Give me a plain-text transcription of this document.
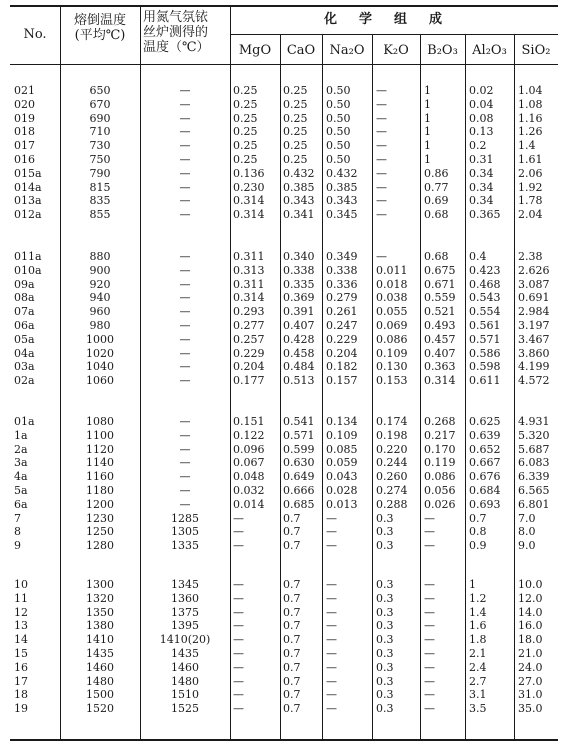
No.
熔倒温度
(平均℃)
用氮气氛铱
丝炉测得的
温度（℃）
化学组成
MgO	CaO	Na₂O	K₂O	B₂O₃	Al₂O₃	SiO₂
021	650	—	0.25	0.25	0.50	—	1	0.02	1.04
020	670	—	0.25	0.25	0.50	—	1	0.04	1.08
019	690	—	0.25	0.25	0.50	—	1	0.08	1.16
018	710	—	0.25	0.25	0.50	—	1	0.13	1.26
017	730	—	0.25	0.25	0.50	—	1	0.2	1.4
016	750	—	0.25	0.25	0.50	—	1	0.31	1.61
015a	790	—	0.136	0.432	0.432	—	0.86	0.34	2.06
014a	815	—	0.230	0.385	0.385	—	0.77	0.34	1.92
013a	835	—	0.314	0.343	0.343	—	0.69	0.34	1.78
012a	855	—	0.314	0.341	0.345	—	0.68	0.365	2.04
011a	880	—	0.311	0.340	0.349	—	0.68	0.4	2.38
010a	900	—	0.313	0.338	0.338	0.011	0.675	0.423	2.626
09a	920	—	0.311	0.335	0.336	0.018	0.671	0.468	3.087
08a	940	—	0.314	0.369	0.279	0.038	0.559	0.543	0.691
07a	960	—	0.293	0.391	0.261	0.055	0.521	0.554	2.984
06a	980	—	0.277	0.407	0.247	0.069	0.493	0.561	3.197
05a	1000	—	0.257	0.428	0.229	0.086	0.457	0.571	3.467
04a	1020	—	0.229	0.458	0.204	0.109	0.407	0.586	3.860
03a	1040	—	0.204	0.484	0.182	0.130	0.363	0.598	4.199
02a	1060	—	0.177	0.513	0.157	0.153	0.314	0.611	4.572
01a	1080	—	0.151	0.541	0.134	0.174	0.268	0.625	4.931
1a	1100	—	0.122	0.571	0.109	0.198	0.217	0.639	5.320
2a	1120	—	0.096	0.599	0.085	0.220	0.170	0.652	5.687
3a	1140	—	0.067	0.630	0.059	0.244	0.119	0.667	6.083
4a	1160	—	0.048	0.649	0.043	0.260	0.086	0.676	6.339
5a	1180	—	0.032	0.666	0.028	0.274	0.056	0.684	6.565
6a	1200	—	0.014	0.685	0.013	0.288	0.026	0.693	6.801
7	1230	1285	—	0.7	—	0.3	—	0.7	7.0
8	1250	1305	—	0.7	—	0.3	—	0.8	8.0
9	1280	1335	—	0.7	—	0.3	—	0.9	9.0
10	1300	1345	—	0.7	—	0.3	—	1	10.0
11	1320	1360	—	0.7	—	0.3	—	1.2	12.0
12	1350	1375	—	0.7	—	0.3	—	1.4	14.0
13	1380	1395	—	0.7	—	0.3	—	1.6	16.0
14	1410	1410(20)	—	0.7	—	0.3	—	1.8	18.0
15	1435	1435	—	0.7	—	0.3	—	2.1	21.0
16	1460	1460	—	0.7	—	0.3	—	2.4	24.0
17	1480	1480	—	0.7	—	0.3	—	2.7	27.0
18	1500	1510	—	0.7	—	0.3	—	3.1	31.0
19	1520	1525	—	0.7	—	0.3	—	3.5	35.0
